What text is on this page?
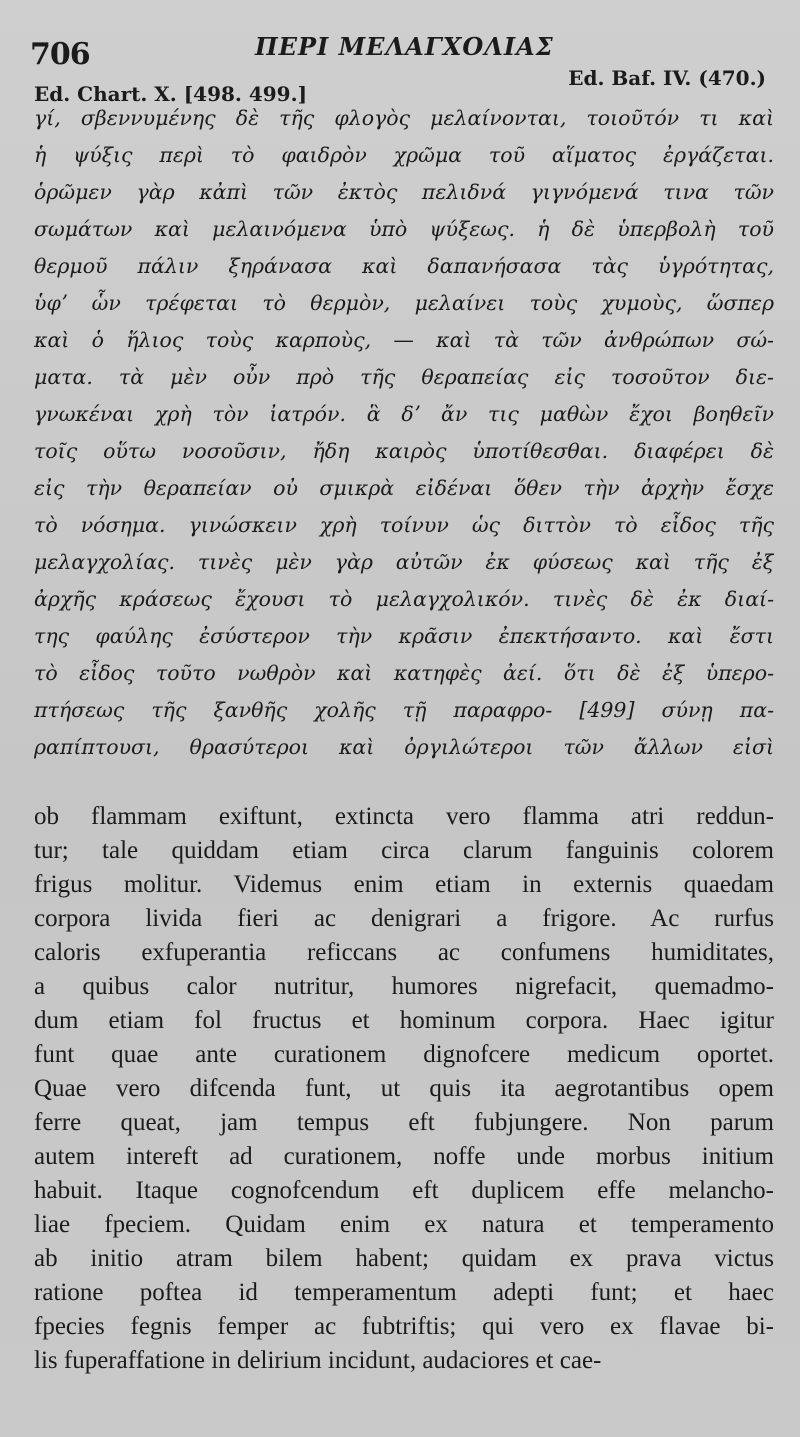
706	ΠΕΡΙ ΜΕΛΑΓΧΟΛΙΑΣ
Ed. Chart. X. [498. 499.]
Ed. Baf. IV. (470.)
γί, σβεννυμένης δὲ τῆς φλογὸς μελαίνονται, τοιοῦτόν τι καὶ
ἡ ψύξις περὶ τὸ φαιδρὸν χρῶμα τοῦ αἵματος ἐργάζεται.
ὁρῶμεν γὰρ κἀπὶ τῶν ἐκτὸς πελιδνά γιγνόμενά τινα τῶν
σωμάτων καὶ μελαινόμενα ὑπὸ ψύξεως. ἡ δὲ ὑπερβολὴ τοῦ
θερμοῦ πάλιν ξηράνασα καὶ δαπανήσασα τὰς ὑγρότητας,
ὑφʼ ὧν τρέφεται τὸ θερμὸν, μελαίνει τοὺς χυμοὺς, ὥσπερ
καὶ ὁ ἥλιος τοὺς καρποὺς, — καὶ τὰ τῶν ἀνθρώπων σώ-
ματα. τὰ μὲν οὖν πρὸ τῆς θεραπείας εἰς τοσοῦτον διε-
γνωκέναι χρὴ τὸν ἰατρόν. ἃ δʼ ἄν τις μαθὼν ἔχοι βοηθεῖν
τοῖς οὕτω νοσοῦσιν, ἤδη καιρὸς ὑποτίθεσθαι. διαφέρει δὲ
εἰς τὴν θεραπείαν οὐ σμικρὰ εἰδέναι ὅθεν τὴν ἀρχὴν ἔσχε
τὸ νόσημα. γινώσκειν χρὴ τοίνυν ὡς διττὸν τὸ εἶδος τῆς
μελαγχολίας. τινὲς μὲν γὰρ αὐτῶν ἐκ φύσεως καὶ τῆς ἐξ
ἀρχῆς κράσεως ἔχουσι τὸ μελαγχολικόν. τινὲς δὲ ἐκ διαί-
της φαύλης ἐσύστερον τὴν κρᾶσιν ἐπεκτήσαντο. καὶ ἔστι
τὸ εἶδος τοῦτο νωθρὸν καὶ κατηφὲς ἀεί. ὅτι δὲ ἐξ ὑπερο-
πτήσεως τῆς ξανθῆς χολῆς τῇ παραφρο- [499] σύνῃ πα-
ραπίπτουσι, θρασύτεροι καὶ ὀργιλώτεροι τῶν ἄλλων εἰσὶ
ob flammam exiftunt, extincta vero flamma atri reddun-
tur; tale quiddam etiam circa clarum fanguinis colorem
frigus molitur. Videmus enim etiam in externis quaedam
corpora livida fieri ac denigrari a frigore. Ac rurfus
caloris exfuperantia reficcans ac confumens humiditates,
a quibus calor nutritur, humores nigrefacit, quemadmo-
dum etiam fol fructus et hominum corpora. Haec igitur
funt quae ante curationem dignofcere medicum oportet.
Quae vero difcenda funt, ut quis ita aegrotantibus opem
ferre queat, jam tempus eft fubjungere. Non parum
autem intereft ad curationem, noffe unde morbus initium
habuit. Itaque cognofcendum eft duplicem effe melancho-
liae fpeciem. Quidam enim ex natura et temperamento
ab initio atram bilem habent; quidam ex prava victus
ratione poftea id temperamentum adepti funt; et haec
fpecies fegnis femper ac fubtriftis; qui vero ex flavae bi-
lis fuperaffatione in delirium incidunt, audaciores et cae-
